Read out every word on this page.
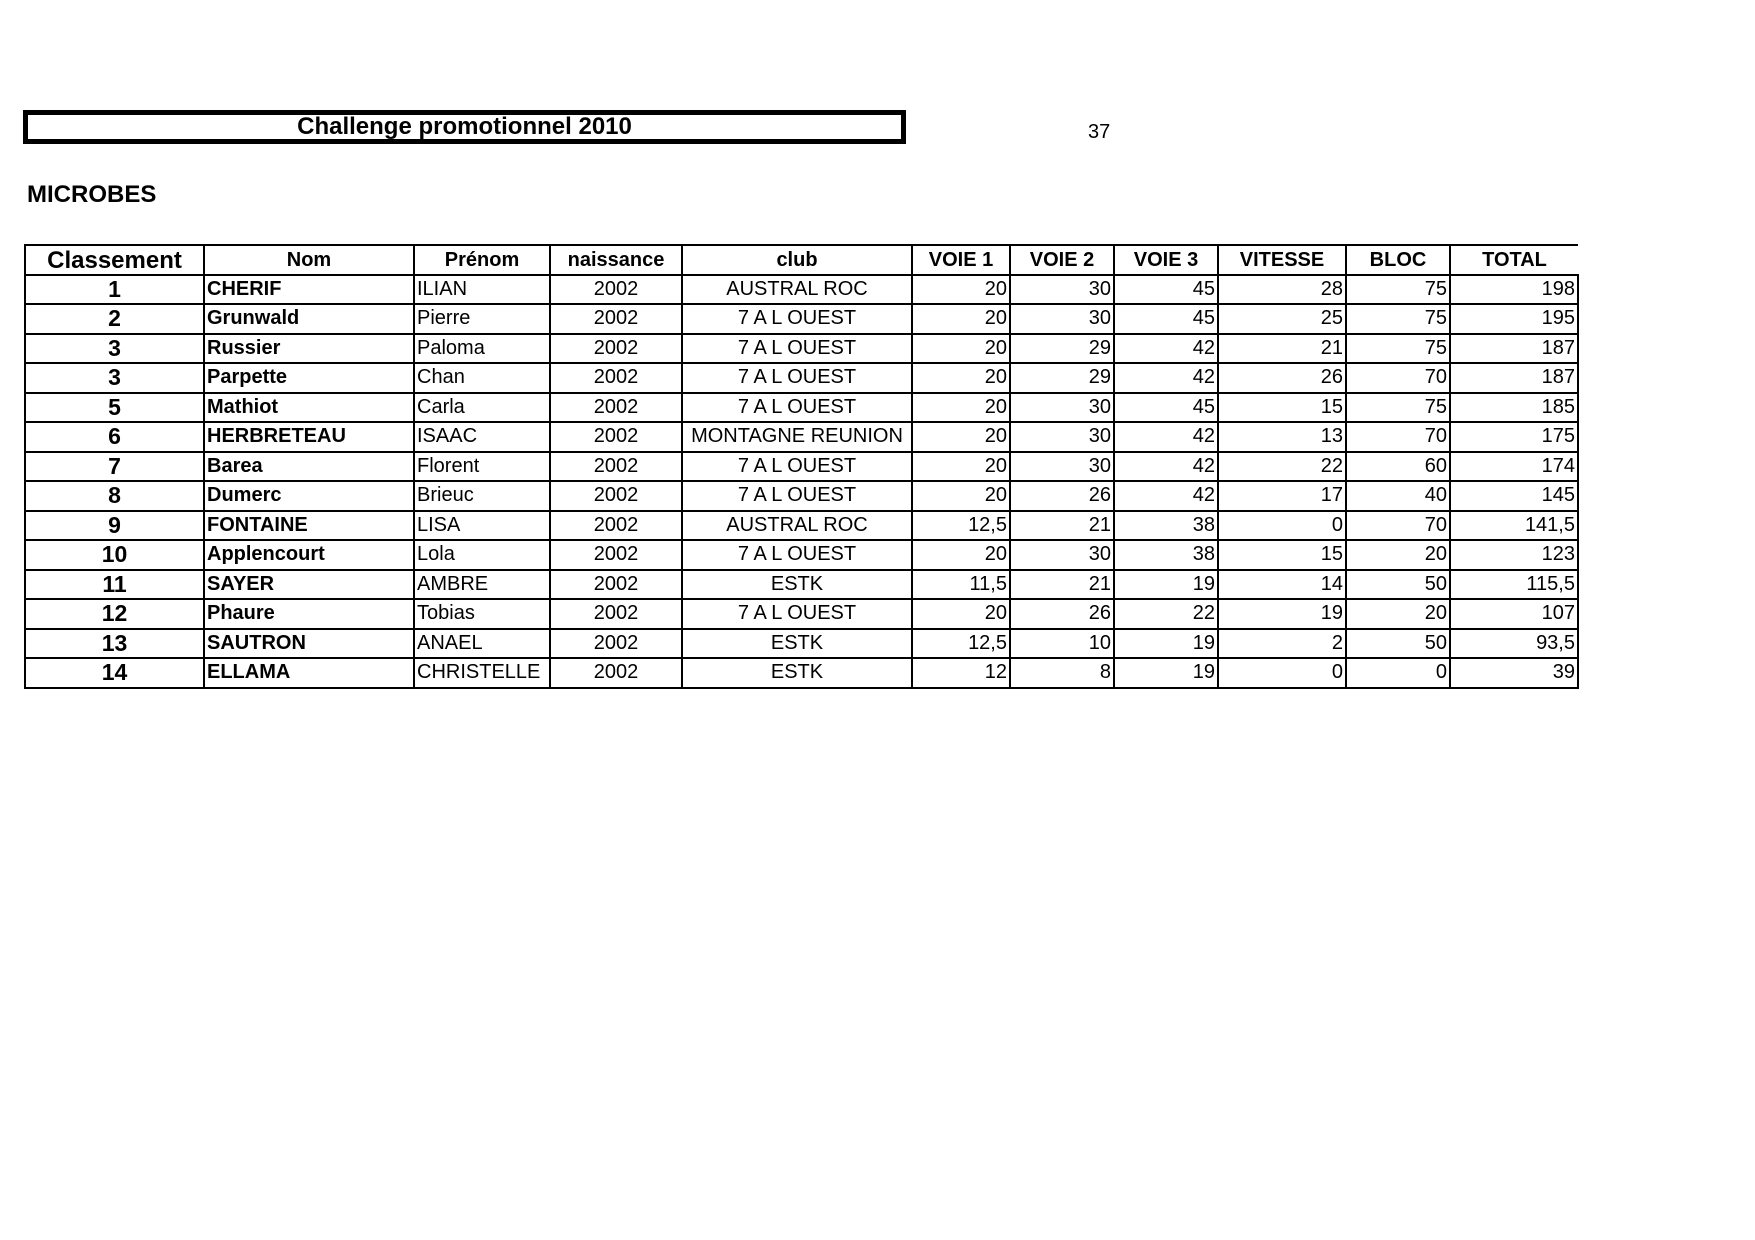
Challenge promotionnel 2010	37
MICROBES
Classement	Nom	Prénom	naissance	club	VOIE 1	VOIE 2	VOIE 3	VITESSE	BLOC	TOTAL
1	CHERIF	ILIAN	2002	AUSTRAL ROC	20	30	45	28	75	198
2	Grunwald	Pierre	2002	7 A L OUEST	20	30	45	25	75	195
3	Russier	Paloma	2002	7 A L OUEST	20	29	42	21	75	187
3	Parpette	Chan	2002	7 A L OUEST	20	29	42	26	70	187
5	Mathiot	Carla	2002	7 A L OUEST	20	30	45	15	75	185
6	HERBRETEAU	ISAAC	2002	MONTAGNE REUNION	20	30	42	13	70	175
7	Barea	Florent	2002	7 A L OUEST	20	30	42	22	60	174
8	Dumerc	Brieuc	2002	7 A L OUEST	20	26	42	17	40	145
9	FONTAINE	LISA	2002	AUSTRAL ROC	12,5	21	38	0	70	141,5
10	Applencourt	Lola	2002	7 A L OUEST	20	30	38	15	20	123
11	SAYER	AMBRE	2002	ESTK	11,5	21	19	14	50	115,5
12	Phaure	Tobias	2002	7 A L OUEST	20	26	22	19	20	107
13	SAUTRON	ANAEL	2002	ESTK	12,5	10	19	2	50	93,5
14	ELLAMA	CHRISTELLE	2002	ESTK	12	8	19	0	0	39
